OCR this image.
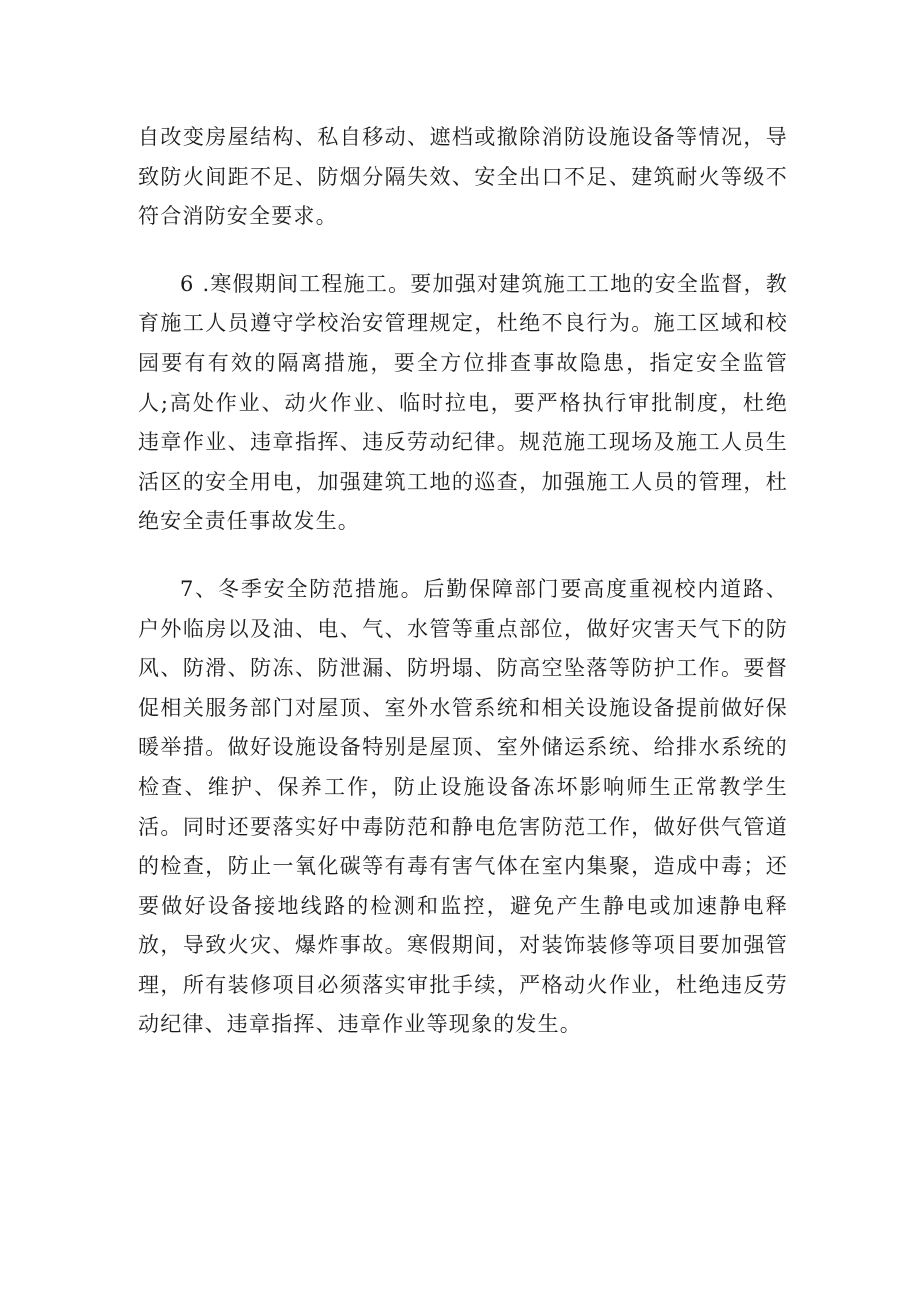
自改变房屋结构、私自移动、遮档或撤除消防设施设备等情况，导致防火间距不足、防烟分隔失效、安全出口不足、建筑耐火等级不符合消防安全要求。

6 .寒假期间工程施工。要加强对建筑施工工地的安全监督，教育施工人员遵守学校治安管理规定，杜绝不良行为。施工区域和校园要有有效的隔离措施，要全方位排查事故隐患，指定安全监管人;高处作业、动火作业、临时拉电，要严格执行审批制度，杜绝违章作业、违章指挥、违反劳动纪律。规范施工现场及施工人员生活区的安全用电，加强建筑工地的巡查，加强施工人员的管理，杜绝安全责任事故发生。

7、冬季安全防范措施。后勤保障部门要高度重视校内道路、户外临房以及油、电、气、水管等重点部位，做好灾害天气下的防风、防滑、防冻、防泄漏、防坍塌、防高空坠落等防护工作。要督促相关服务部门对屋顶、室外水管系统和相关设施设备提前做好保暖举措。做好设施设备特别是屋顶、室外储运系统、给排水系统的检查、维护、保养工作，防止设施设备冻坏影响师生正常教学生活。同时还要落实好中毒防范和静电危害防范工作，做好供气管道的检查，防止一氧化碳等有毒有害气体在室内集聚，造成中毒；还要做好设备接地线路的检测和监控，避免产生静电或加速静电释放，导致火灾、爆炸事故。寒假期间，对装饰装修等项目要加强管理，所有装修项目必须落实审批手续，严格动火作业，杜绝违反劳动纪律、违章指挥、违章作业等现象的发生。
